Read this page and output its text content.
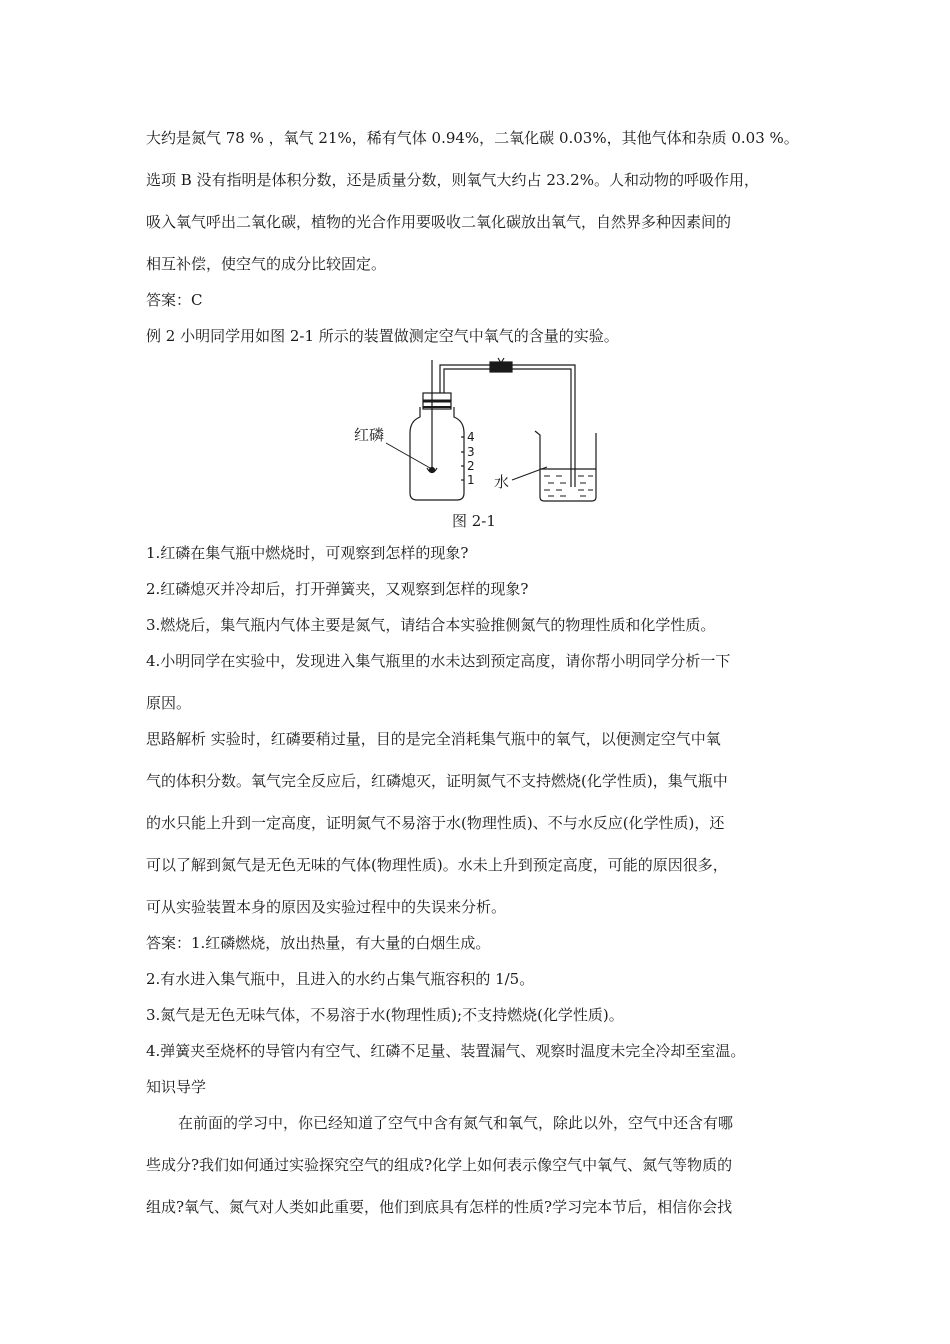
大约是氮气 78 % ，氧气 21%，稀有气体 0.94%，二氧化碳 0.03%，其他气体和杂质 0.03 %。
选项 B 没有指明是体积分数，还是质量分数，则氧气大约占 23.2%。人和动物的呼吸作用，
吸入氧气呼出二氧化碳，植物的光合作用要吸收二氧化碳放出氧气，自然界多种因素间的
相互补偿，使空气的成分比较固定。
答案：C
例 2 小明同学用如图 2-1 所示的装置做测定空气中氧气的含量的实验。
红磷
水
4
3
2
1
图 2-1
1.红磷在集气瓶中燃烧时，可观察到怎样的现象?
2.红磷熄灭并冷却后，打开弹簧夹，又观察到怎样的现象?
3.燃烧后，集气瓶内气体主要是氮气，请结合本实验推侧氮气的物理性质和化学性质。
4.小明同学在实验中，发现进入集气瓶里的水未达到预定高度，请你帮小明同学分析一下
原因。
思路解析 实验时，红磷要稍过量，目的是完全消耗集气瓶中的氧气，以便测定空气中氧
气的体积分数。氧气完全反应后，红磷熄灭，证明氮气不支持燃烧(化学性质)，集气瓶中
的水只能上升到一定高度，证明氮气不易溶于水(物理性质)、不与水反应(化学性质)，还
可以了解到氮气是无色无味的气体(物理性质)。水未上升到预定高度，可能的原因很多，
可从实验装置本身的原因及实验过程中的失误来分析。
答案：1.红磷燃烧，放出热量，有大量的白烟生成。
2.有水进入集气瓶中，且进入的水约占集气瓶容积的 1/5。
3.氮气是无色无味气体，不易溶于水(物理性质);不支持燃烧(化学性质)。
4.弹簧夹至烧杯的导管内有空气、红磷不足量、装置漏气、观察时温度未完全冷却至室温。
知识导学
在前面的学习中，你已经知道了空气中含有氮气和氧气，除此以外，空气中还含有哪
些成分?我们如何通过实验探究空气的组成?化学上如何表示像空气中氧气、氮气等物质的
组成?氧气、氮气对人类如此重要，他们到底具有怎样的性质?学习完本节后，相信你会找
